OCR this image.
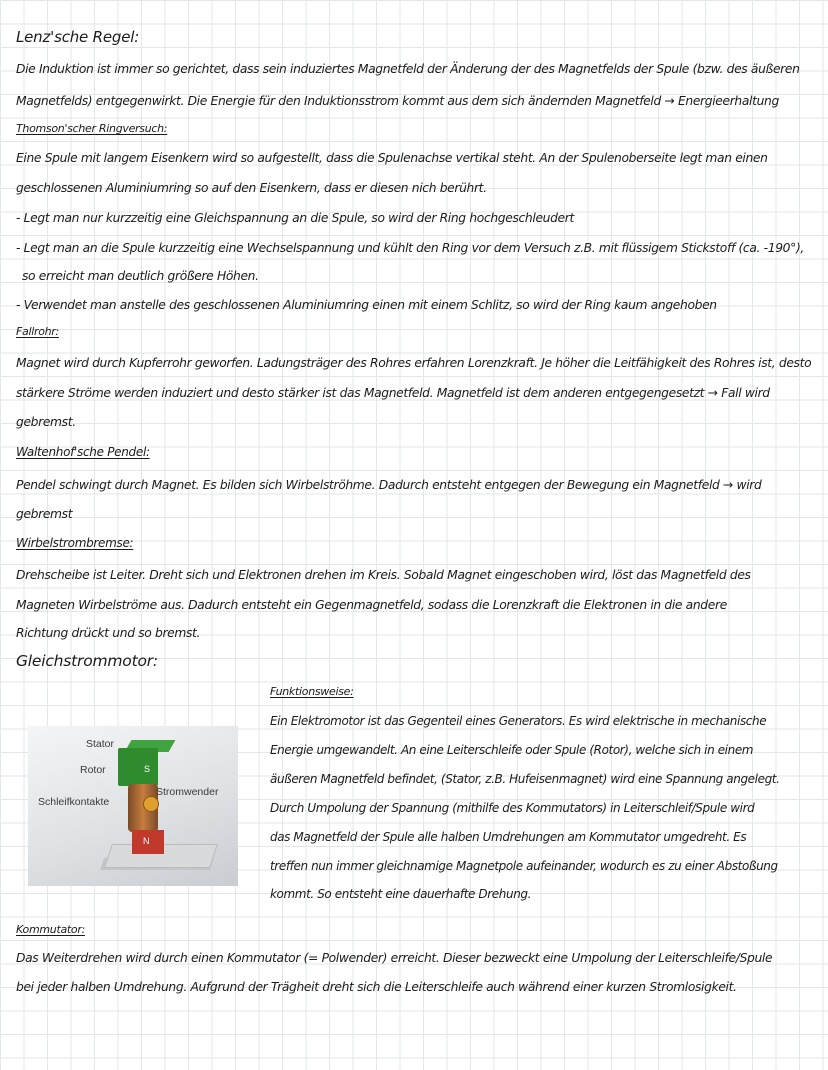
Lenz'sche Regel:
Die Induktion ist immer so gerichtet, dass sein induziertes Magnetfeld der Änderung der des Magnetfelds der Spule (bzw. des äußeren
Magnetfelds) entgegenwirkt. Die Energie für den Induktionsstrom kommt aus dem sich ändernden Magnetfeld → Energieerhaltung
Thomson'scher Ringversuch:
Eine Spule mit langem Eisenkern wird so aufgestellt, dass die Spulenachse vertikal steht. An der Spulenoberseite legt man einen
geschlossenen Aluminiumring so auf den Eisenkern, dass er diesen nich berührt.
- Legt man nur kurzzeitig eine Gleichspannung an die Spule, so wird der Ring hochgeschleudert
- Legt man an die Spule kurzzeitig eine Wechselspannung und kühlt den Ring vor dem Versuch z.B. mit flüssigem Stickstoff (ca. -190°),
so erreicht man deutlich größere Höhen.
- Verwendet man anstelle des geschlossenen Aluminiumring einen mit einem Schlitz, so wird der Ring kaum angehoben
Fallrohr:
Magnet wird durch Kupferrohr geworfen. Ladungsträger des Rohres erfahren Lorenzkraft. Je höher die Leitfähigkeit des Rohres ist, desto
stärkere Ströme werden induziert und desto stärker ist das Magnetfeld. Magnetfeld ist dem anderen entgegengesetzt → Fall wird
gebremst.
Waltenhof'sche Pendel:
Pendel schwingt durch Magnet. Es bilden sich Wirbelströhme. Dadurch entsteht entgegen der Bewegung ein Magnetfeld → wird
gebremst
Wirbelstrombremse:
Drehscheibe ist Leiter. Dreht sich und Elektronen drehen im Kreis. Sobald Magnet eingeschoben wird, löst das Magnetfeld des
Magneten Wirbelströme aus. Dadurch entsteht ein Gegenmagnetfeld, sodass die Lorenzkraft die Elektronen in die andere
Richtung drückt und so bremst.
Gleichstrommotor:
Funktionsweise:
Ein Elektromotor ist das Gegenteil eines Generators. Es wird elektrische in mechanische
Energie umgewandelt. An eine Leiterschleife oder Spule (Rotor), welche sich in einem
äußeren Magnetfeld befindet, (Stator, z.B. Hufeisenmagnet) wird eine Spannung angelegt.
Durch Umpolung der Spannung (mithilfe des Kommutators) in Leiterschleif/Spule wird
das Magnetfeld der Spule alle halben Umdrehungen am Kommutator umgedreht. Es
treffen nun immer gleichnamige Magnetpole aufeinander, wodurch es zu einer Abstoßung
kommt. So entsteht eine dauerhafte Drehung.
S
N
Stator
Rotor
Schleifkontakte
Stromwender
Kommutator:
Das Weiterdrehen wird durch einen Kommutator (= Polwender) erreicht. Dieser bezweckt eine Umpolung der Leiterschleife/Spule
bei jeder halben Umdrehung. Aufgrund der Trägheit dreht sich die Leiterschleife auch während einer kurzen Stromlosigkeit.
